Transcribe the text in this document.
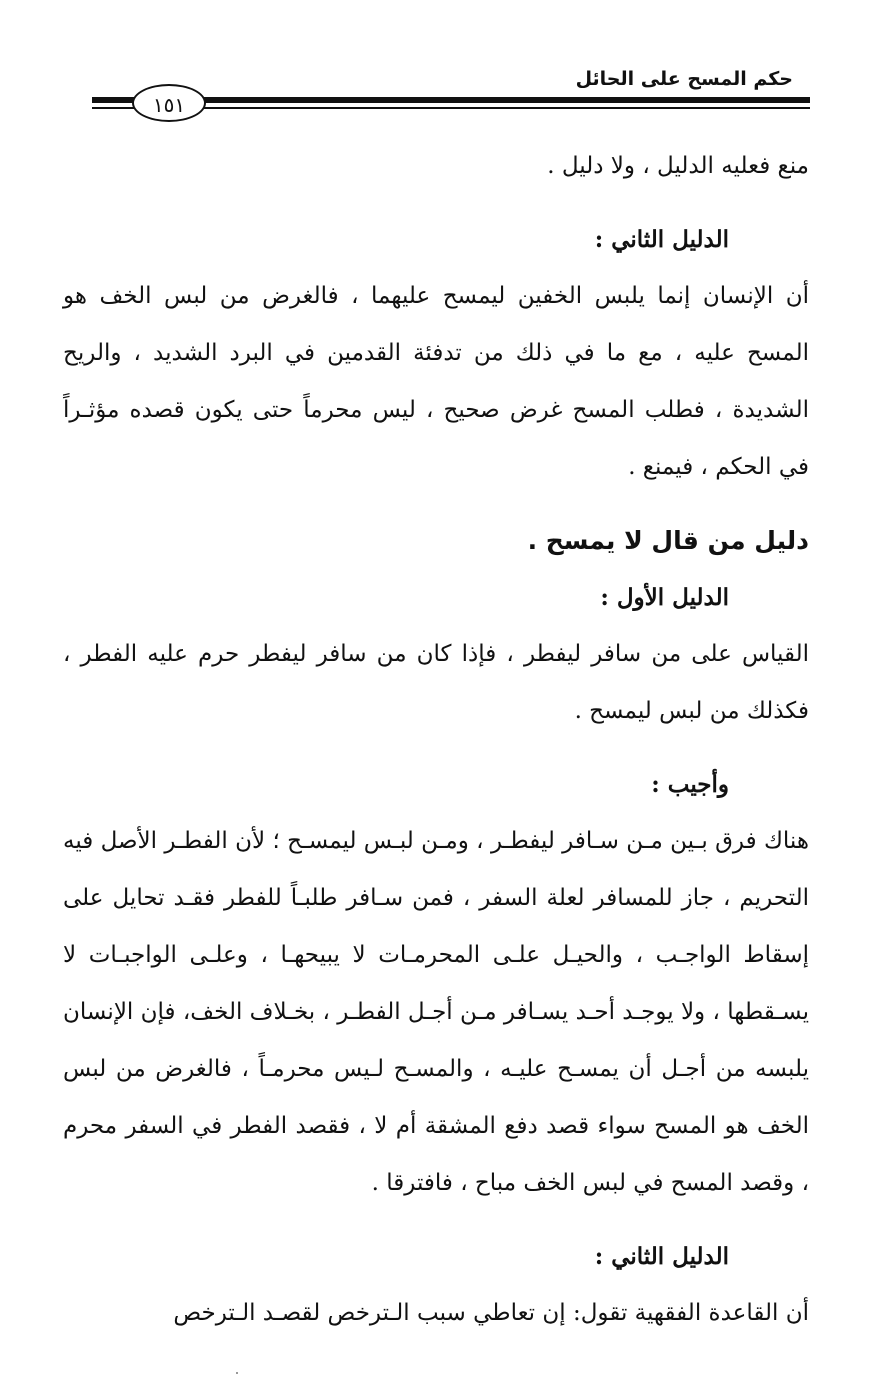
حكم المسح على الحائل
١٥١

منع فعليه الدليل ، ولا دليل .

الدليل الثاني :

أن الإنسان إنما يلبس الخفين ليمسح عليهما ، فالغرض من لبس الخف هو المسح عليه ، مع ما في ذلك من تدفئة القدمين في البرد الشديد ، والريح الشديدة ، فطلب المسح غرض صحيح ، ليس محرماً حتى يكون قصده مؤثـراً في الحكم ، فيمنع .

دليل من قال لا يمسح .

الدليل الأول :

القياس على من سافر ليفطر ، فإذا كان من سافر ليفطر حرم عليه الفطر ، فكذلك من لبس ليمسح .

وأجيب :

هناك فرق بـين مـن سـافر ليفطـر ، ومـن لبـس ليمسـح ؛ لأن الفطـر الأصل فيه التحريم ، جاز للمسافر لعلة السفر ، فمن سـافر طلبـاً للفطر فقـد تحايل على إسقاط الواجـب ، والحيـل علـى المحرمـات لا يبيحهـا ، وعلـى الواجبـات لا يسـقطها ، ولا يوجـد أحـد يسـافر مـن أجـل الفطـر ، بخـلاف الخف، فإن الإنسان يلبسه من أجـل أن يمسـح عليـه ، والمسـح لـيس محرمـاً ، فالغرض من لبس الخف هو المسح سواء قصد دفع المشقة أم لا ، فقصد الفطر في السفر محرم ، وقصد المسح في لبس الخف مباح ، فافترقا .

الدليل الثاني :

أن القاعدة الفقهية تقول: إن تعاطي سبب الـترخص لقصـد الـترخص
